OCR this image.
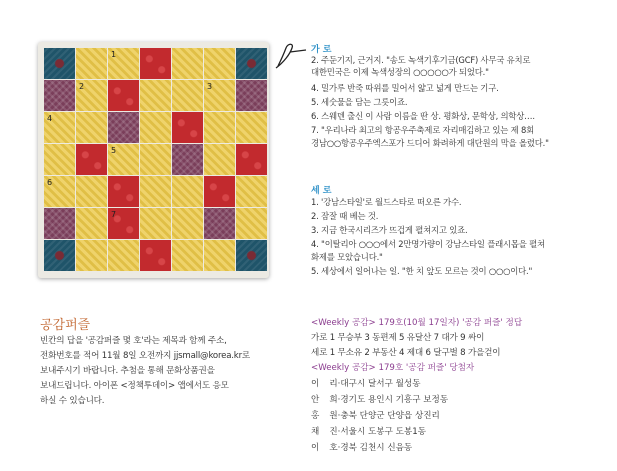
1
2	3
4
5
6
7
가로
2. 주둔기지, 근거지. "송도 녹색기후기금(GCF) 사무국 유치로
대한민국은 이제 녹색성장의 ○○○○○가 되었다."
4. 밀가루 반죽 따위를 밀어서 얇고 넓게 만드는 기구.
5. 세숫물을 담는 그릇이죠.
6. 스웨덴 출신 이 사람 이름을 딴 상. 평화상, 문학상, 의학상….
7. "우리나라 최고의 항공우주축제로 자리매김하고 있는 제 8회
경남○○항공우주엑스포가 드디어 화려하게 대단원의 막을 올렸다."
세로
1. '강남스타일'로 월드스타로 떠오른 가수.
2. 잠잘 때 베는 것.
3. 지금 한국시리즈가 뜨겁게 펼쳐지고 있죠.
4. "이탈리아 ○○○에서 2만명가량이 강남스타일 플래시몹을 펼쳐
화제를 모았습니다."
5. 세상에서 일어나는 일. "한 치 앞도 모르는 것이 ○○○이다."
공감퍼즐
빈칸의 답을 '공감퍼즐 몇 호'라는 제목과 함께 주소,
전화번호를 적어 11월 8일 오전까지 jjsmall@korea.kr로
보내주시기 바랍니다. 추첨을 통해 문화상품권을
보내드립니다. 아이폰 <정책투데이> 앱에서도 응모
하실 수 있습니다.
<Weekly 공감> 179호(10월 17일자) '공감 퍼즐' 정답
가로 1 무승부 3 동편제 5 유달산 7 대가 9 싸이
세로 1 무소유 2 부동산 4 제대 6 달구벌 8 가을걷이
<Weekly 공감> 179호 '공감 퍼즐' 당첨자
이 리·대구시 달서구 월성동
안 희·경기도 용인시 기흥구 보정동
홍 원·충북 단양군 단양읍 상진리
채 진·서울시 도봉구 도봉1동
이 호·경북 김천시 신음동
